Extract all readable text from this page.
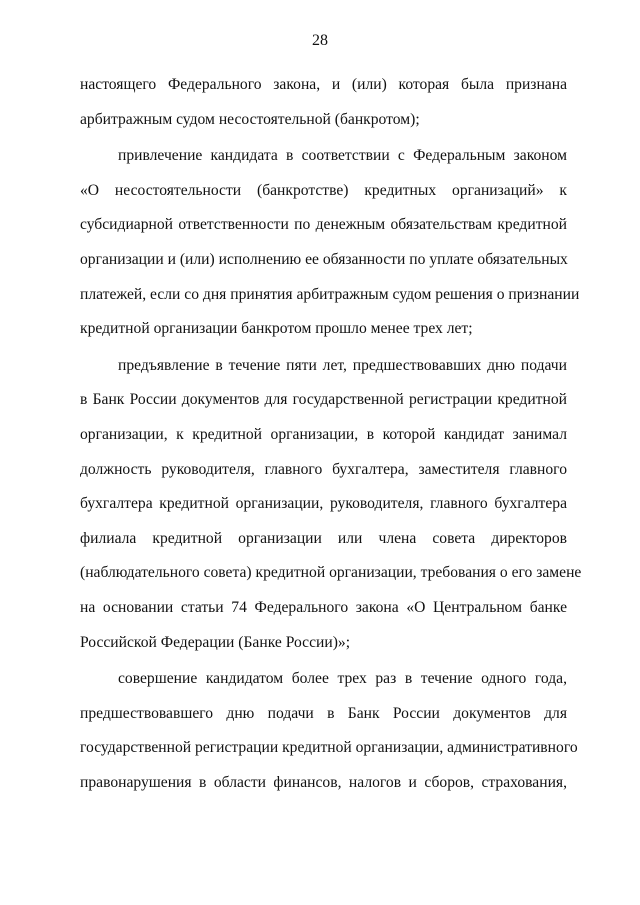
28
настоящего Федерального закона, и (или) которая была признана
арбитражным судом несостоятельной (банкротом);
привлечение кандидата в соответствии с Федеральным законом
«О несостоятельности (банкротстве) кредитных организаций» к
субсидиарной ответственности по денежным обязательствам кредитной
организации и (или) исполнению ее обязанности по уплате обязательных
платежей, если со дня принятия арбитражным судом решения о признании
кредитной организации банкротом прошло менее трех лет;
предъявление в течение пяти лет, предшествовавших дню подачи
в Банк России документов для государственной регистрации кредитной
организации, к кредитной организации, в которой кандидат занимал
должность руководителя, главного бухгалтера, заместителя главного
бухгалтера кредитной организации, руководителя, главного бухгалтера
филиала кредитной организации или члена совета директоров
(наблюдательного совета) кредитной организации, требования о его замене
на основании статьи 74 Федерального закона «О Центральном банке
Российской Федерации (Банке России)»;
совершение кандидатом более трех раз в течение одного года,
предшествовавшего дню подачи в Банк России документов для
государственной регистрации кредитной организации, административного
правонарушения в области финансов, налогов и сборов, страхования,
